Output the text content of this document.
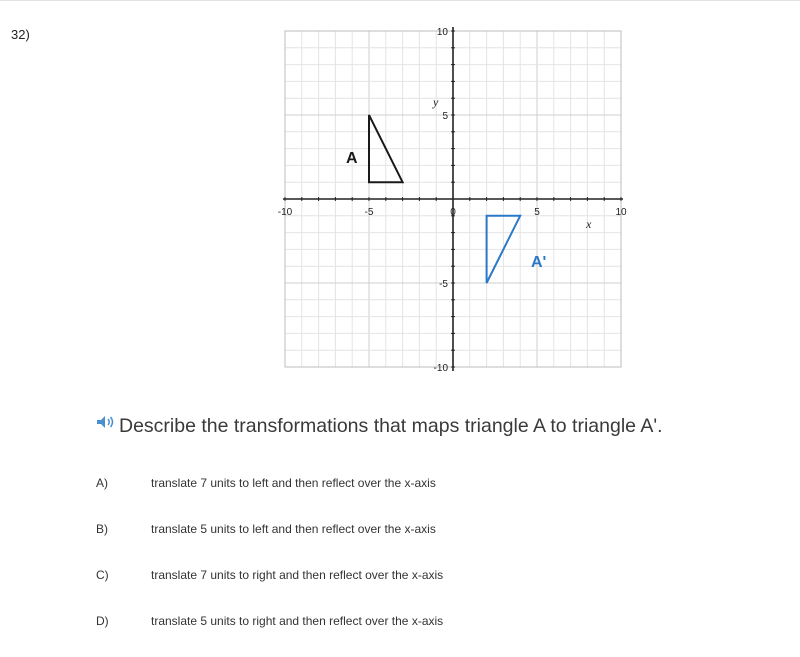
32)
-10	-5	0	5	10
10
5
-5
-10
x
y
A
A'
Describe the transformations that maps triangle A to triangle A'.
A)	translate 7 units to left and then reflect over the x-axis
B)	translate 5 units to left and then reflect over the x-axis
C)	translate 7 units to right and then reflect over the x-axis
D)	translate 5 units to right and then reflect over the x-axis
